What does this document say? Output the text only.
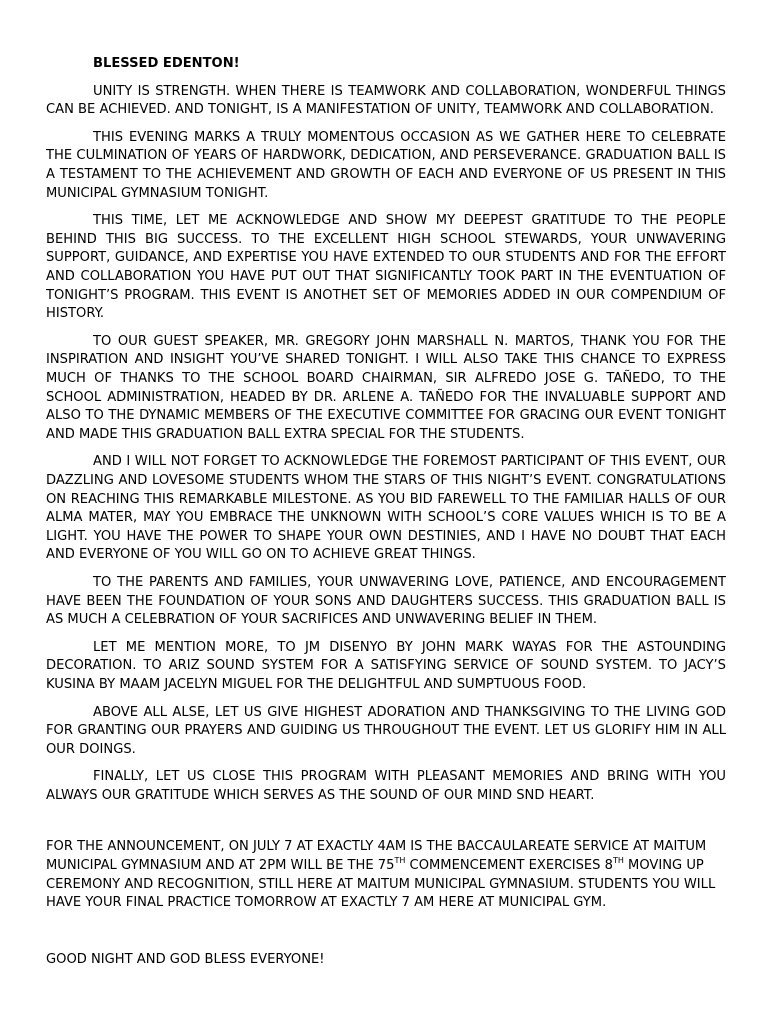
BLESSED EDENTON!

UNITY IS STRENGTH. WHEN THERE IS TEAMWORK AND COLLABORATION, WONDERFUL THINGS CAN BE ACHIEVED. AND TONIGHT, IS A MANIFESTATION OF UNITY, TEAMWORK AND COLLABORATION.

THIS EVENING MARKS A TRULY MOMENTOUS OCCASION AS WE GATHER HERE TO CELEBRATE THE CULMINATION OF YEARS OF HARDWORK, DEDICATION, AND PERSEVERANCE. GRADUATION BALL IS A TESTAMENT TO THE ACHIEVEMENT AND GROWTH OF EACH AND EVERYONE OF US PRESENT IN THIS MUNICIPAL GYMNASIUM TONIGHT.

THIS TIME, LET ME ACKNOWLEDGE AND SHOW MY DEEPEST GRATITUDE TO THE PEOPLE BEHIND THIS BIG SUCCESS. TO THE EXCELLENT HIGH SCHOOL STEWARDS, YOUR UNWAVERING SUPPORT, GUIDANCE, AND EXPERTISE YOU HAVE EXTENDED TO OUR STUDENTS AND FOR THE EFFORT AND COLLABORATION YOU HAVE PUT OUT THAT SIGNIFICANTLY TOOK PART IN THE EVENTUATION OF TONIGHT’S PROGRAM. THIS EVENT IS ANOTHET SET OF MEMORIES ADDED IN OUR COMPENDIUM OF HISTORY.

TO OUR GUEST SPEAKER, MR. GREGORY JOHN MARSHALL N. MARTOS, THANK YOU FOR THE INSPIRATION AND INSIGHT YOU’VE SHARED TONIGHT. I WILL ALSO TAKE THIS CHANCE TO EXPRESS MUCH OF THANKS TO THE SCHOOL BOARD CHAIRMAN, SIR ALFREDO JOSE G. TAÑEDO, TO THE SCHOOL ADMINISTRATION, HEADED BY DR. ARLENE A. TAÑEDO FOR THE INVALUABLE SUPPORT AND ALSO TO THE DYNAMIC MEMBERS OF THE EXECUTIVE COMMITTEE FOR GRACING OUR EVENT TONIGHT AND MADE THIS GRADUATION BALL EXTRA SPECIAL FOR THE STUDENTS.

AND I WILL NOT FORGET TO ACKNOWLEDGE THE FOREMOST PARTICIPANT OF THIS EVENT, OUR DAZZLING AND LOVESOME STUDENTS WHOM THE STARS OF THIS NIGHT’S EVENT. CONGRATULATIONS ON REACHING THIS REMARKABLE MILESTONE. AS YOU BID FAREWELL TO THE FAMILIAR HALLS OF OUR ALMA MATER, MAY YOU EMBRACE THE UNKNOWN WITH SCHOOL’S CORE VALUES WHICH IS TO BE A LIGHT. YOU HAVE THE POWER TO SHAPE YOUR OWN DESTINIES, AND I HAVE NO DOUBT THAT EACH AND EVERYONE OF YOU WILL GO ON TO ACHIEVE GREAT THINGS.

TO THE PARENTS AND FAMILIES, YOUR UNWAVERING LOVE, PATIENCE, AND ENCOURAGEMENT HAVE BEEN THE FOUNDATION OF YOUR SONS AND DAUGHTERS SUCCESS. THIS GRADUATION BALL IS AS MUCH A CELEBRATION OF YOUR SACRIFICES AND UNWAVERING BELIEF IN THEM.

LET ME MENTION MORE, TO JM DISENYO BY JOHN MARK WAYAS FOR THE ASTOUNDING DECORATION. TO ARIZ SOUND SYSTEM FOR A SATISFYING SERVICE OF SOUND SYSTEM. TO JACY’S KUSINA BY MAAM JACELYN MIGUEL FOR THE DELIGHTFUL AND SUMPTUOUS FOOD.

ABOVE ALL ALSE, LET US GIVE HIGHEST ADORATION AND THANKSGIVING TO THE LIVING GOD FOR GRANTING OUR PRAYERS AND GUIDING US THROUGHOUT THE EVENT. LET US GLORIFY HIM IN ALL OUR DOINGS.

FINALLY, LET US CLOSE THIS PROGRAM WITH PLEASANT MEMORIES AND BRING WITH YOU ALWAYS OUR GRATITUDE WHICH SERVES AS THE SOUND OF OUR MIND SND HEART.

FOR THE ANNOUNCEMENT, ON JULY 7 AT EXACTLY 4AM IS THE BACCAULAREATE SERVICE AT MAITUM MUNICIPAL GYMNASIUM AND AT 2PM WILL BE THE 75TH COMMENCEMENT EXERCISES 8TH MOVING UP CEREMONY AND RECOGNITION, STILL HERE AT MAITUM MUNICIPAL GYMNASIUM. STUDENTS YOU WILL HAVE YOUR FINAL PRACTICE TOMORROW AT EXACTLY 7 AM HERE AT MUNICIPAL GYM.

GOOD NIGHT AND GOD BLESS EVERYONE!
